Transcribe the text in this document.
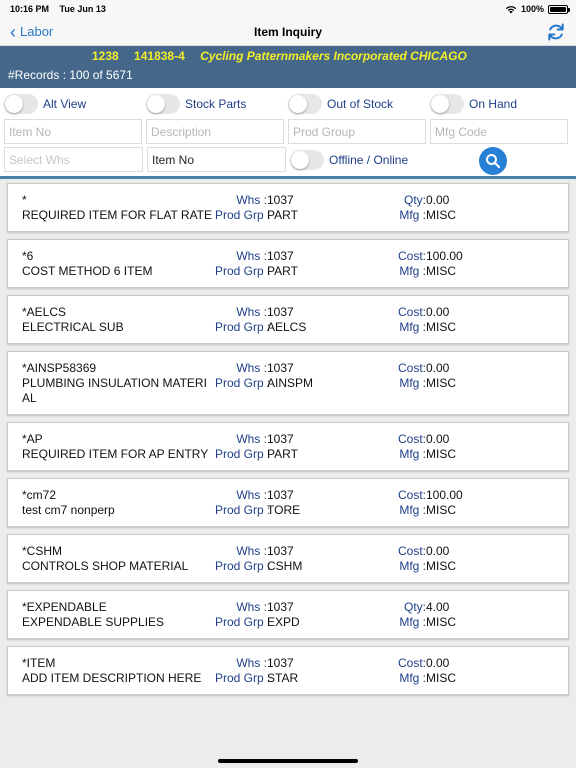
10:16 PM Tue Jun 13	100%
‹ Labor	Item Inquiry
1238 141838-4 Cycling Patternmakers Incorporated CHICAGO
#Records : 100 of 5671
Alt View	Stock Parts	Out of Stock	On Hand
Item No	Description	Prod Group	Mfg Code
Select Whs	Item No	Offline / Online
*	Whs : 1037	Qty: 0.00
REQUIRED ITEM FOR FLAT RATE Prod Grp :
PART	Mfg : MISC
*6	Whs : 1037	Cost: 100.00
COST METHOD 6 ITEM	Prod Grp :
PART	Mfg : MISC
*AELCS	Whs : 1037	Cost: 0.00
ELECTRICAL SUB	Prod Grp :
AELCS	Mfg : MISC
*AINSP58369	Whs : 1037	Cost: 0.00
PLUMBING INSULATION MATERI Prod Grp :
AINSPM	Mfg : MISC
AL
*AP	Whs : 1037	Cost: 0.00
REQUIRED ITEM FOR AP ENTRY Prod Grp :
PART	Mfg : MISC
*cm72	Whs : 1037	Cost: 100.00
test cm7 nonperp	Prod Grp :
TORE	Mfg : MISC
*CSHM	Whs : 1037	Cost: 0.00
CONTROLS SHOP MATERIAL	Prod Grp :
CSHM	Mfg : MISC
*EXPENDABLE	Whs : 1037	Qty: 4.00
EXPENDABLE SUPPLIES	Prod Grp :
EXPD	Mfg : MISC
*ITEM	Whs : 1037	Cost: 0.00
ADD ITEM DESCRIPTION HERE	Prod Grp :
STAR	Mfg : MISC
